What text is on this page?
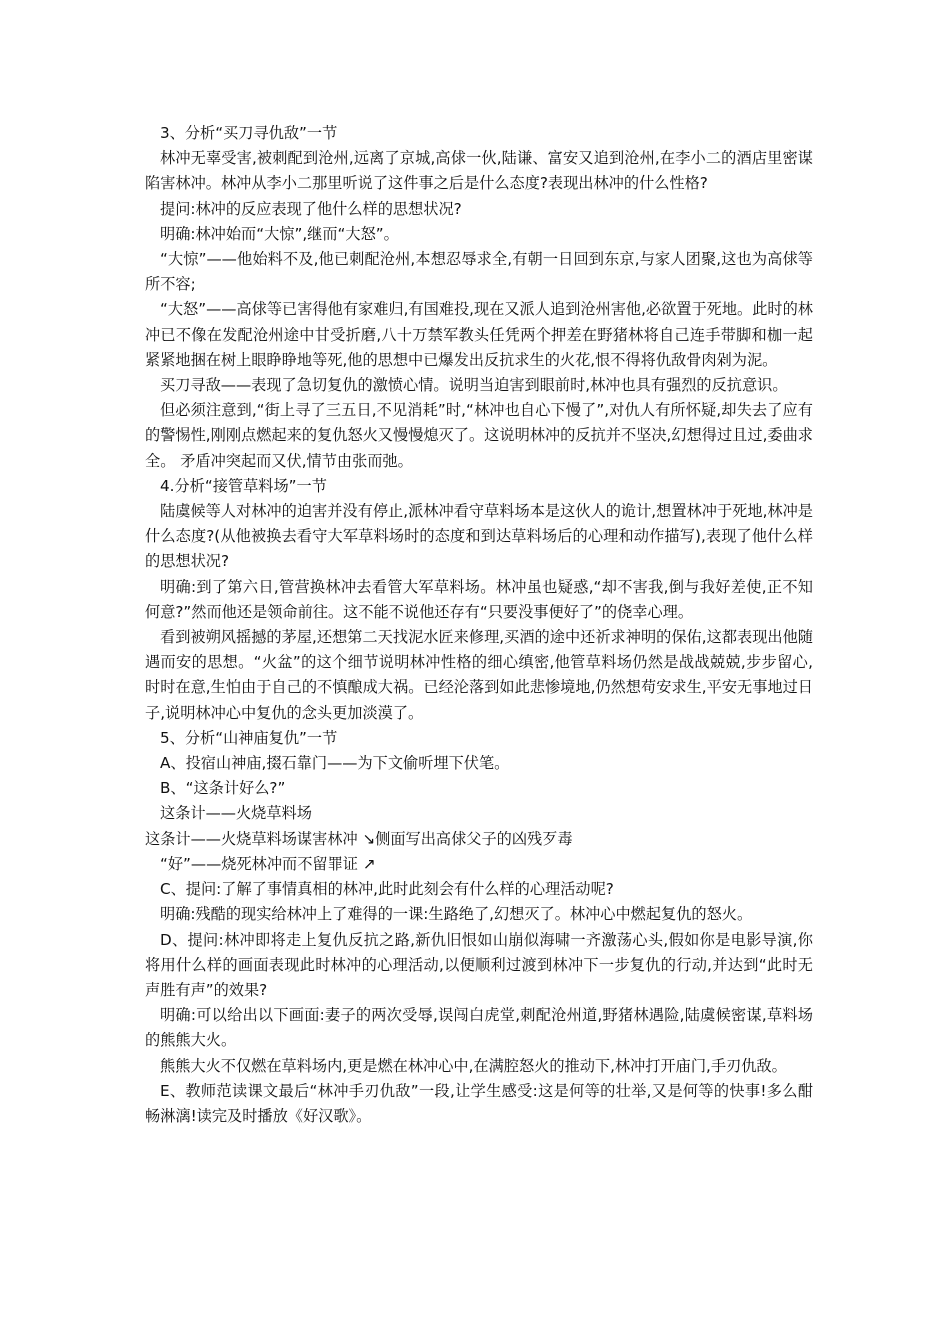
3、分析“买刀寻仇敌”一节

林冲无辜受害,被刺配到沧州,远离了京城,高俅一伙,陆谦、富安又追到沧州,在李小二的酒店里密谋陷害林冲。林冲从李小二那里听说了这件事之后是什么态度?表现出林冲的什么性格?

提问:林冲的反应表现了他什么样的思想状况?

明确:林冲始而“大惊”,继而“大怒”。

“大惊”——他始料不及,他已刺配沧州,本想忍辱求全,有朝一日回到东京,与家人团聚,这也为高俅等所不容;

“大怒”——高俅等已害得他有家难归,有国难投,现在又派人追到沧州害他,必欲置于死地。此时的林冲已不像在发配沧州途中甘受折磨,八十万禁军教头任凭两个押差在野猪林将自己连手带脚和枷一起紧紧地捆在树上眼睁睁地等死,他的思想中已爆发出反抗求生的火花,恨不得将仇敌骨肉剁为泥。

买刀寻敌——表现了急切复仇的激愤心情。说明当迫害到眼前时,林冲也具有强烈的反抗意识。

但必须注意到,“街上寻了三五日,不见消耗”时,“林冲也自心下慢了”,对仇人有所怀疑,却失去了应有的警惕性,刚刚点燃起来的复仇怒火又慢慢熄灭了。这说明林冲的反抗并不坚决,幻想得过且过,委曲求全。 矛盾冲突起而又伏,情节由张而弛。

4.分析“接管草料场”一节

陆虞候等人对林冲的迫害并没有停止,派林冲看守草料场本是这伙人的诡计,想置林冲于死地,林冲是什么态度?(从他被换去看守大军草料场时的态度和到达草料场后的心理和动作描写),表现了他什么样的思想状况?

明确:到了第六日,管营换林冲去看管大军草料场。林冲虽也疑惑,“却不害我,倒与我好差使,正不知何意?”然而他还是领命前往。这不能不说他还存有“只要没事便好了”的侥幸心理。

看到被朔风摇撼的茅屋,还想第二天找泥水匠来修理,买酒的途中还祈求神明的保佑,这都表现出他随遇而安的思想。“火盆”的这个细节说明林冲性格的细心缜密,他管草料场仍然是战战兢兢,步步留心,时时在意,生怕由于自己的不慎酿成大祸。已经沦落到如此悲惨境地,仍然想苟安求生,平安无事地过日子,说明林冲心中复仇的念头更加淡漠了。

5、分析“山神庙复仇”一节

A、投宿山神庙,掇石靠门——为下文偷听埋下伏笔。

B、“这条计好么?”

这条计——火烧草料场

这条计——火烧草料场谋害林冲 ↘侧面写出高俅父子的凶残歹毒

“好”——烧死林冲而不留罪证 ↗

C、提问:了解了事情真相的林冲,此时此刻会有什么样的心理活动呢?

明确:残酷的现实给林冲上了难得的一课:生路绝了,幻想灭了。林冲心中燃起复仇的怒火。

D、提问:林冲即将走上复仇反抗之路,新仇旧恨如山崩似海啸一齐激荡心头,假如你是电影导演,你将用什么样的画面表现此时林冲的心理活动,以便顺利过渡到林冲下一步复仇的行动,并达到“此时无声胜有声”的效果?

明确:可以给出以下画面:妻子的两次受辱,误闯白虎堂,刺配沧州道,野猪林遇险,陆虞候密谋,草料场的熊熊大火。

熊熊大火不仅燃在草料场内,更是燃在林冲心中,在满腔怒火的推动下,林冲打开庙门,手刃仇敌。

E、教师范读课文最后“林冲手刃仇敌”一段,让学生感受:这是何等的壮举,又是何等的快事!多么酣畅淋漓!读完及时播放《好汉歌》。
